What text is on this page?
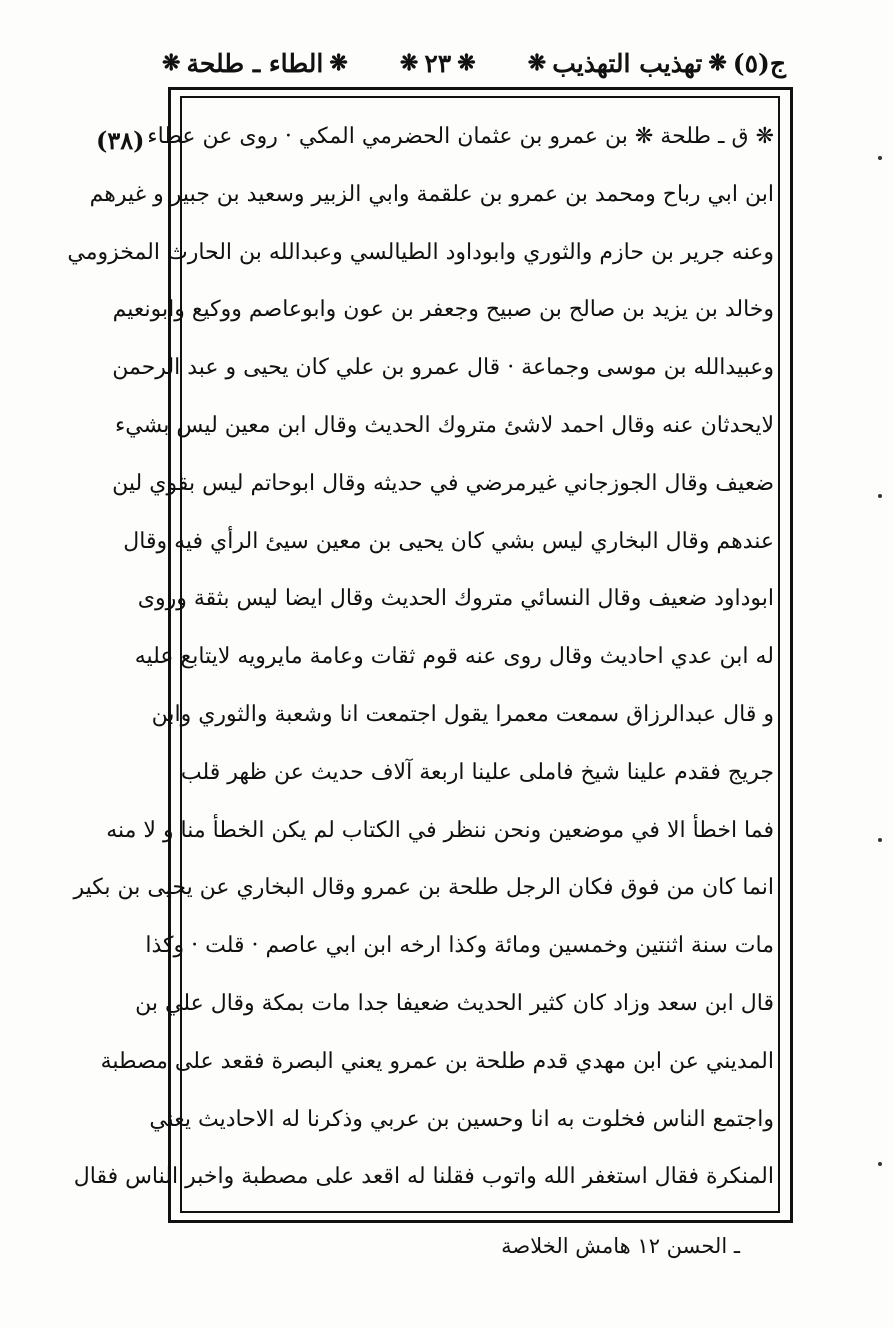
ج(٥)
❋
تهذيب التهذيب
❋
❋
٢٣
❋
❋
الطاء ـ طلحة
❋
(٣٨) ❋ ق ـ طلحة ❋ بن عمرو بن عثمان الحضرمي المكي · روى عن عطاء
ابن ابي رباح ومحمد بن عمرو بن علقمة وابي الزبير وسعيد بن جبير و غيرهم
وعنه جرير بن حازم والثوري وابوداود الطيالسي وعبدالله بن الحارث المخزومي
وخالد بن يزيد بن صالح بن صبيح وجعفر بن عون وابوعاصم ووكيع وابونعيم
وعبيدالله بن موسى وجماعة · قال عمرو بن علي كان يحيى و عبد الرحمن
لايحدثان عنه وقال احمد لاشئ متروك الحديث وقال ابن معين ليس بشيء
ضعيف وقال الجوزجاني غيرمرضي في حديثه وقال ابوحاتم ليس بقوي لين
عندهم وقال البخاري ليس بشي كان يحيى بن معين سيئ الرأي فيه وقال
ابوداود ضعيف وقال النسائي متروك الحديث وقال ايضا ليس بثقة وروى
له ابن عدي احاديث وقال روى عنه قوم ثقات وعامة مايرويه لايتابع عليه
و قال عبدالرزاق سمعت معمرا يقول اجتمعت انا وشعبة والثوري وابن
جريج فقدم علينا شيخ فاملى علينا اربعة آلاف حديث عن ظهر قلب
فما اخطأ الا في موضعين ونحن ننظر في الكتاب لم يكن الخطأ منا و لا منه
انما كان من فوق فكان الرجل طلحة بن عمرو وقال البخاري عن يحيى بن بكير
مات سنة اثنتين وخمسين ومائة وكذا ارخه ابن ابي عاصم · قلت · وكذا
قال ابن سعد وزاد كان كثير الحديث ضعيفا جدا مات بمكة وقال علي بن
المديني عن ابن مهدي قدم طلحة بن عمرو يعني البصرة فقعد على مصطبة
واجتمع الناس فخلوت به انا وحسين بن عربي وذكرنا له الاحاديث يعني
المنكرة فقال استغفر الله واتوب فقلنا له اقعد على مصطبة واخبر الناس فقال
ـ الحسن ١٢ هامش الخلاصة
